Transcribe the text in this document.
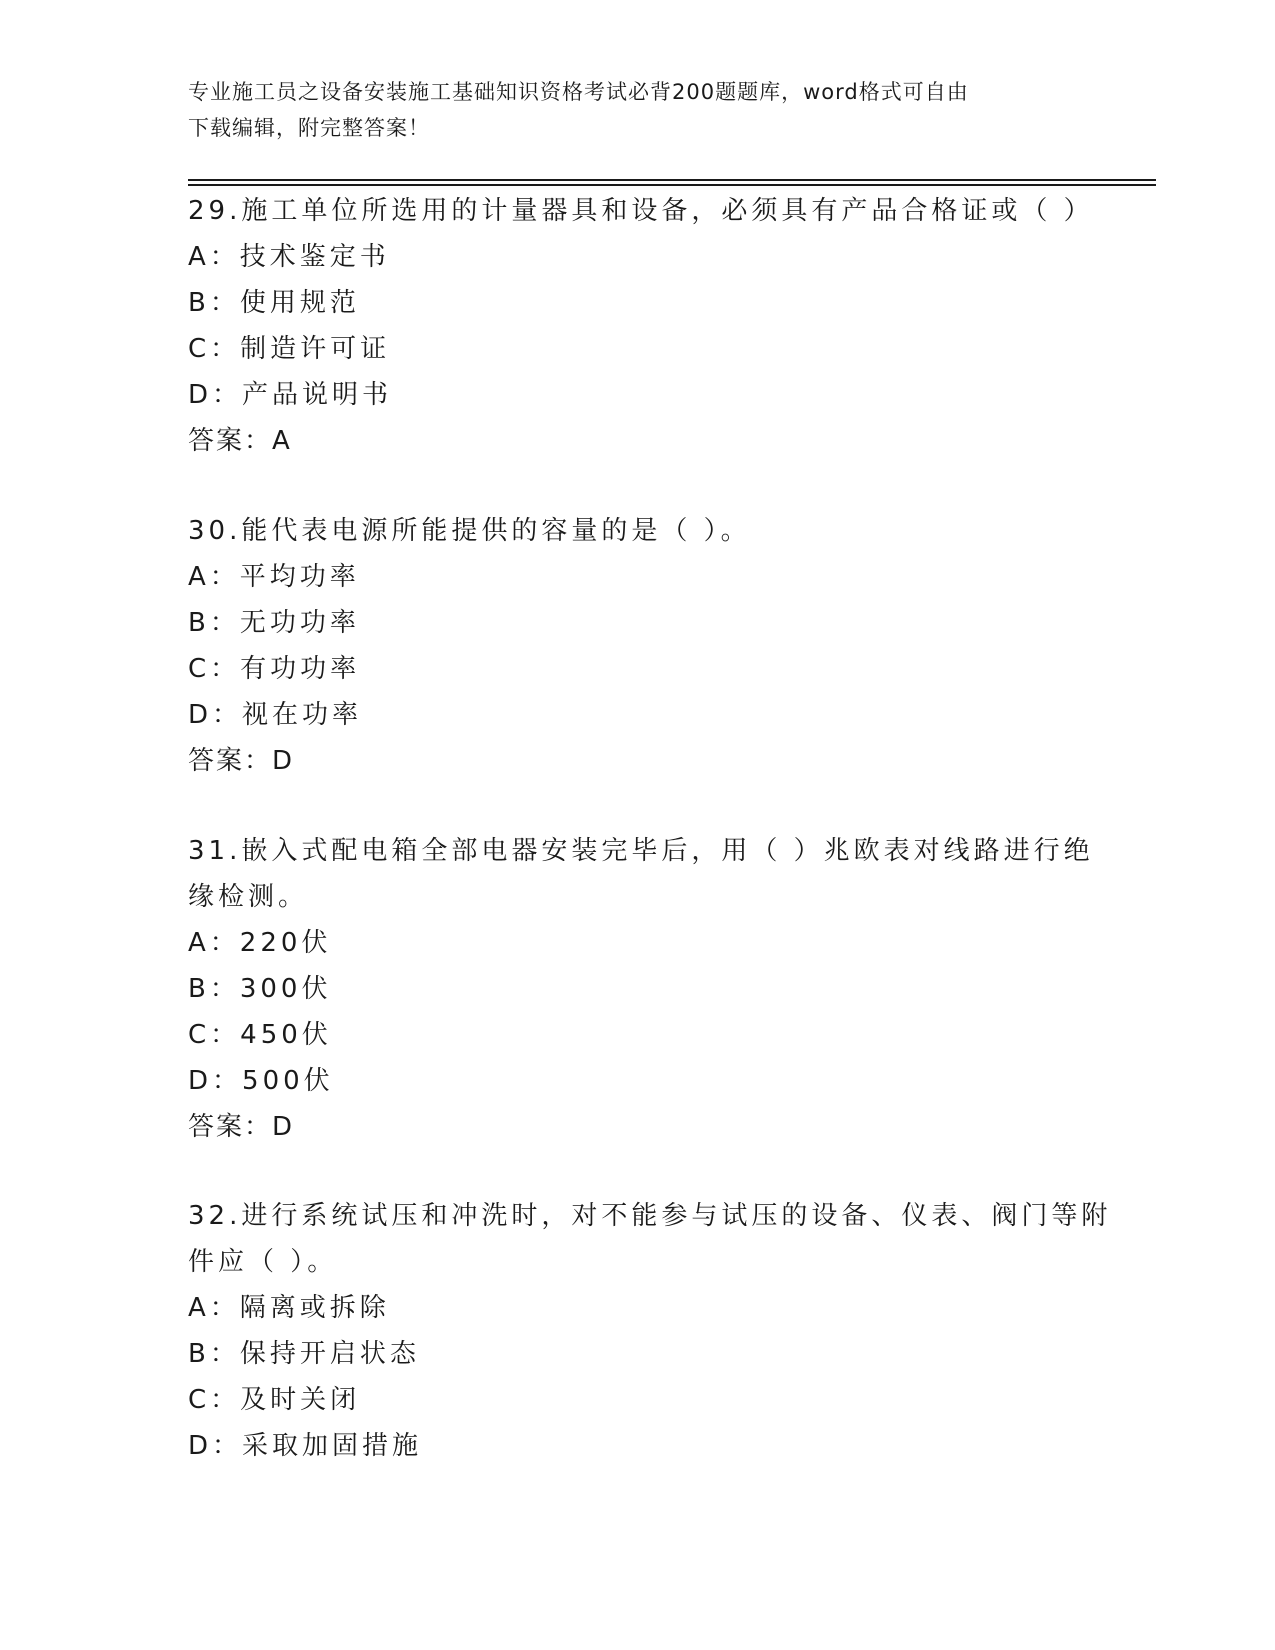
专业施工员之设备安装施工基础知识资格考试必背200题题库，word格式可自由
下载编辑，附完整答案！
29.施工单位所选用的计量器具和设备，必须具有产品合格证或（ ）
A：技术鉴定书
B：使用规范
C：制造许可证
D：产品说明书
答案：A
30.能代表电源所能提供的容量的是（ ）。
A：平均功率
B：无功功率
C：有功功率
D：视在功率
答案：D
31.嵌入式配电箱全部电器安装完毕后，用（ ）兆欧表对线路进行绝
缘检测。
A：220伏
B：300伏
C：450伏
D：500伏
答案：D
32.进行系统试压和冲洗时，对不能参与试压的设备、仪表、阀门等附
件应（ ）。
A：隔离或拆除
B：保持开启状态
C：及时关闭
D：采取加固措施
